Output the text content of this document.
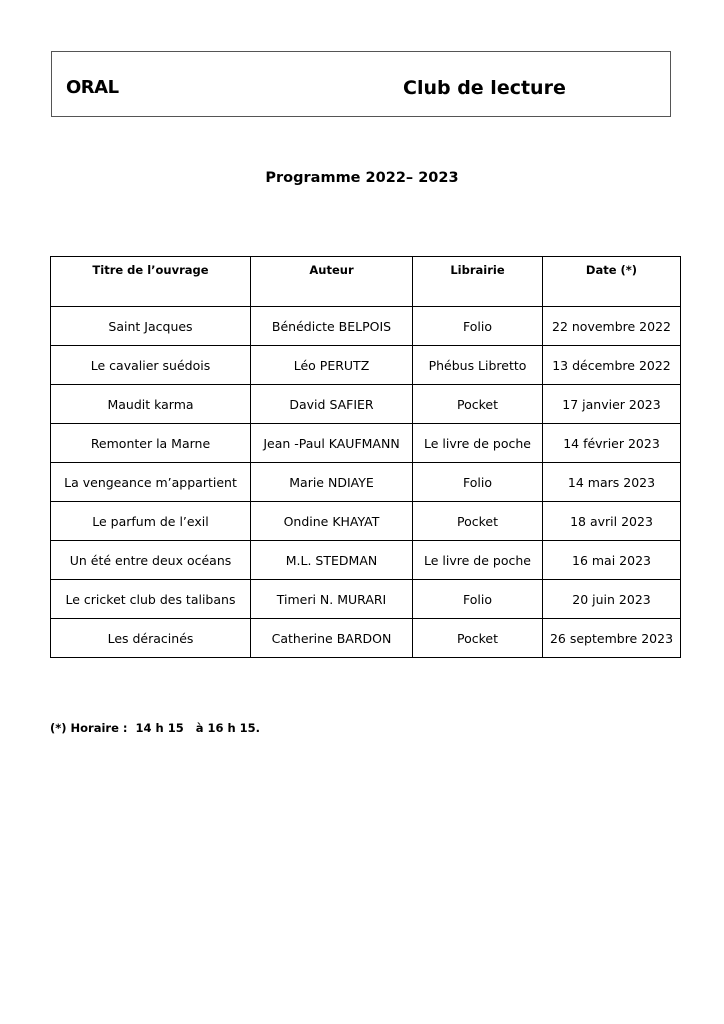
ORAL	Club de lecture
Programme 2022– 2023
Titre de l’ouvrage	Auteur	Librairie	Date (*)
Saint Jacques	Bénédicte BELPOIS	Folio	22 novembre 2022
Le cavalier suédois	Léo PERUTZ	Phébus Libretto	13 décembre 2022
Maudit karma	David SAFIER	Pocket	17 janvier 2023
Remonter la Marne	Jean -Paul KAUFMANN	Le livre de poche	14 février 2023
La vengeance m’appartient	Marie NDIAYE	Folio	14 mars 2023
Le parfum de l’exil	Ondine KHAYAT	Pocket	18 avril 2023
Un été entre deux océans	M.L. STEDMAN	Le livre de poche	16 mai 2023
Le cricket club des talibans	Timeri N. MURARI	Folio	20 juin 2023
Les déracinés	Catherine BARDON	Pocket	26 septembre 2023
(*) Horaire :  14 h 15   à 16 h 15.
